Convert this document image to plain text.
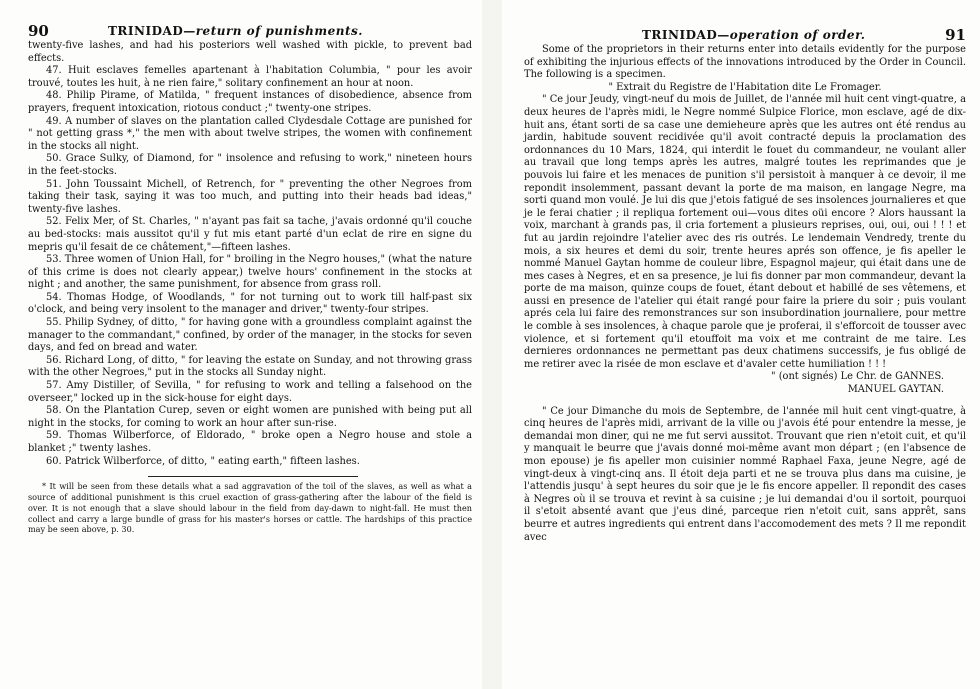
90	TRINIDAD—return of punishments.

twenty-five lashes, and had his posteriors well washed with pickle, to prevent bad effects.

47. Huit esclaves femelles apartenant à l'habitation Columbia, " pour les avoir trouvé, toutes les huit, à ne rien faire," solitary confinement an hour at noon.

48. Philip Pirame, of Matilda, " frequent instances of disobedience, absence from prayers, frequent intoxication, riotous conduct ;" twenty-one stripes.

49. A number of slaves on the plantation called Clydesdale Cottage are punished for " not getting grass *," the men with about twelve stripes, the women with confinement in the stocks all night.

50. Grace Sulky, of Diamond, for " insolence and refusing to work," nineteen hours in the feet-stocks.

51. John Toussaint Michell, of Retrench, for " preventing the other Negroes from taking their task, saying it was too much, and putting into their heads bad ideas," twenty-five lashes.

52. Felix Mer, of St. Charles, " n'ayant pas fait sa tache, j'avais ordonné qu'il couche au bed-stocks: mais aussitot qu'il y fut mis etant parté d'un eclat de rire en signe du mepris qu'il fesait de ce châtement,"—fifteen lashes.

53. Three women of Union Hall, for " broiling in the Negro houses," (what the nature of this crime is does not clearly appear,) twelve hours' confinement in the stocks at night ; and another, the same punishment, for absence from grass roll.

54. Thomas Hodge, of Woodlands, " for not turning out to work till half-past six o'clock, and being very insolent to the manager and driver," twenty-four stripes.

55. Philip Sydney, of ditto, " for having gone with a groundless complaint against the manager to the commandant," confined, by order of the manager, in the stocks for seven days, and fed on bread and water.

56. Richard Long, of ditto, " for leaving the estate on Sunday, and not throwing grass with the other Negroes," put in the stocks all Sunday night.

57. Amy Distiller, of Sevilla, " for refusing to work and telling a falsehood on the overseer," locked up in the sick-house for eight days.

58. On the Plantation Curep, seven or eight women are punished with being put all night in the stocks, for coming to work an hour after sun-rise.

59. Thomas Wilberforce, of Eldorado, " broke open a Negro house and stole a blanket ;" twenty lashes.

60. Patrick Wilberforce, of ditto, " eating earth," fifteen lashes.

* It will be seen from these details what a sad aggravation of the toil of the slaves, as well as what a source of additional punishment is this cruel exaction of grass-gathering after the labour of the field is over. It is not enough that a slave should labour in the field from day-dawn to night-fall. He must then collect and carry a large bundle of grass for his master's horses or cattle. The hardships of this practice may be seen above, p. 30.

TRINIDAD—operation of order.	91

Some of the proprietors in their returns enter into details evidently for the purpose of exhibiting the injurious effects of the innovations introduced by the Order in Council. The following is a specimen.

" Extrait du Registre de l'Habitation dite Le Fromager.

" Ce jour Jeudy, vingt-neuf du mois de Juillet, de l'année mil huit cent vingt-quatre, a deux heures de l'après midi, le Negre nommé Sulpice Florice, mon esclave, agé de dix-huit ans, étant sorti de sa case une demieheure après que les autres ont été rendus au jardin, habitude souvent recidivée qu'il avoit contracté depuis la proclamation des ordonnances du 10 Mars, 1824, qui interdit le fouet du commandeur, ne voulant aller au travail que long temps après les autres, malgré toutes les reprimandes que je pouvois lui faire et les menaces de punition s'il persistoit à manquer à ce devoir, il me repondit insolemment, passant devant la porte de ma maison, en langage Negre, ma sorti quand mon voulé. Je lui dis que j'etois fatigué de ses insolences journalieres et que je le ferai chatier ; il repliqua fortement oui—vous dites oüi encore ? Alors haussant la voix, marchant à grands pas, il cria fortement a plusieurs reprises, oui, oui, oui ! ! ! et fut au jardin rejoindre l'atelier avec des ris outrés. Le lendemain Vendredy, trente du mois, a six heures et demi du soir, trente heures aprés son offence, je fis apeller le nommé Manuel Gaytan homme de couleur libre, Espagnol majeur, qui était dans une de mes cases à Negres, et en sa presence, je lui fis donner par mon commandeur, devant la porte de ma maison, quinze coups de fouet, étant debout et habillé de ses vêtemens, et aussi en presence de l'atelier qui était rangé pour faire la priere du soir ; puis voulant aprés cela lui faire des remonstrances sur son insubordination journaliere, pour mettre le comble à ses insolences, à chaque parole que je proferai, il s'efforcoit de tousser avec violence, et si fortement qu'il etouffoit ma voix et me contraint de me taire. Les dernieres ordonnances ne permettant pas deux chatimens successifs, je fus obligé de me retirer avec la risée de mon esclave et d'avaler cette humiliation ! ! !

" (ont signés) Le Chr. de GANNES.

MANUEL GAYTAN.

" Ce jour Dimanche du mois de Septembre, de l'année mil huit cent vingt-quatre, à cinq heures de l'après midi, arrivant de la ville ou j'avois été pour entendre la messe, je demandai mon diner, qui ne me fut servi aussitot. Trouvant que rien n'etoit cuit, et qu'il y manquait le beurre que j'avais donné moi-même avant mon départ ; (en l'absence de mon epouse) je fis apeller mon cuisinier nommé Raphael Faxa, jeune Negre, agé de vingt-deux à vingt-cinq ans. Il étoit deja parti et ne se trouva plus dans ma cuisine, je l'attendis jusqu' à sept heures du soir que je le fis encore appeller. Il repondit des cases à Negres où il se trouva et revint à sa cuisine ; je lui demandai d'ou il sortoit, pourquoi il s'etoit absenté avant que j'eus diné, parceque rien n'etoit cuit, sans apprêt, sans beurre et autres ingredients qui entrent dans l'accomodement des mets ? Il me repondit avec
